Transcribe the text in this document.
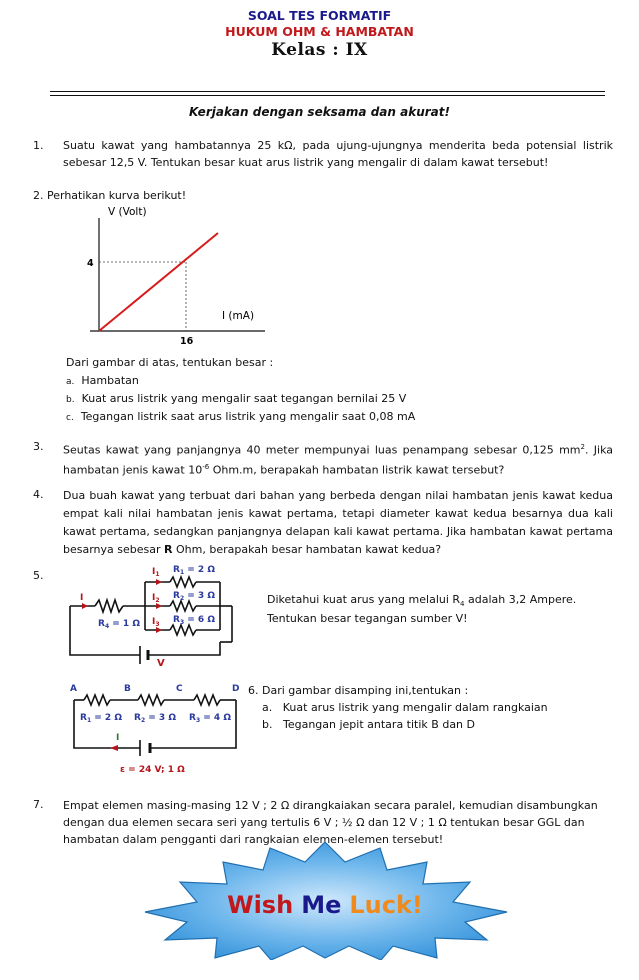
SOAL TES FORMATIF
HUKUM OHM & HAMBATAN
Kelas : IX
Kerjakan dengan seksama dan akurat!
1. Suatu kawat yang hambatannya 25 kΩ, pada ujung-ujungnya menderita beda potensial listrik sebesar 12,5 V. Tentukan besar kuat arus listrik yang mengalir di dalam kawat tersebut!
2. Perhatikan kurva berikut!
V (Volt)
4
16
I (mA)
Dari gambar di atas, tentukan besar :
a. Hambatan
b. Kuat arus listrik yang mengalir saat tegangan bernilai 25 V
c. Tegangan listrik saat arus listrik yang mengalir saat 0,08 mA
3. Seutas kawat yang panjangnya 40 meter mempunyai luas penampang sebesar 0,125 $mm^2$. Jika hambatan jenis kawat $10^{-6}$ Ohm.m, berapakah hambatan listrik kawat tersebut?
4. Dua buah kawat yang terbuat dari bahan yang berbeda dengan nilai hambatan jenis kawat kedua empat kali nilai hambatan jenis kawat pertama, tetapi diameter kawat kedua besarnya dua kali kawat pertama, sedangkan panjangnya delapan kali kawat pertama. Jika hambatan kawat pertama besarnya sebesar R Ohm, berapakah besar hambatan kawat kedua?
5.
I
$I_1$
$I_2$
$I_3$
$R_1 = 2$ Ω
$R_2 = 3$ Ω
$R_3 = 6$ Ω
$R_4 = 1$ Ω
V
Diketahui kuat arus yang melalui $R_4$ adalah 3,2 Ampere.
Tentukan besar tegangan sumber V!
A	B	C	D
$R_1 = 2$ Ω $R_2 = 3$ Ω $R_3 = 4$ Ω
I
ε = 24 V; 1 Ω
6. Dari gambar disamping ini,tentukan :
a. Kuat arus listrik yang mengalir dalam rangkaian
b. Tegangan jepit antara titik B dan D
7. Empat elemen masing-masing 12 V ; 2 Ω dirangkaiakan secara paralel, kemudian disambungkan dengan dua elemen secara seri yang tertulis 6 V ; ½ Ω dan 12 V ; 1 Ω tentukan besar GGL dan hambatan dalam pengganti dari rangkaian elemen-elemen tersebut!
Wish Me Luck!
